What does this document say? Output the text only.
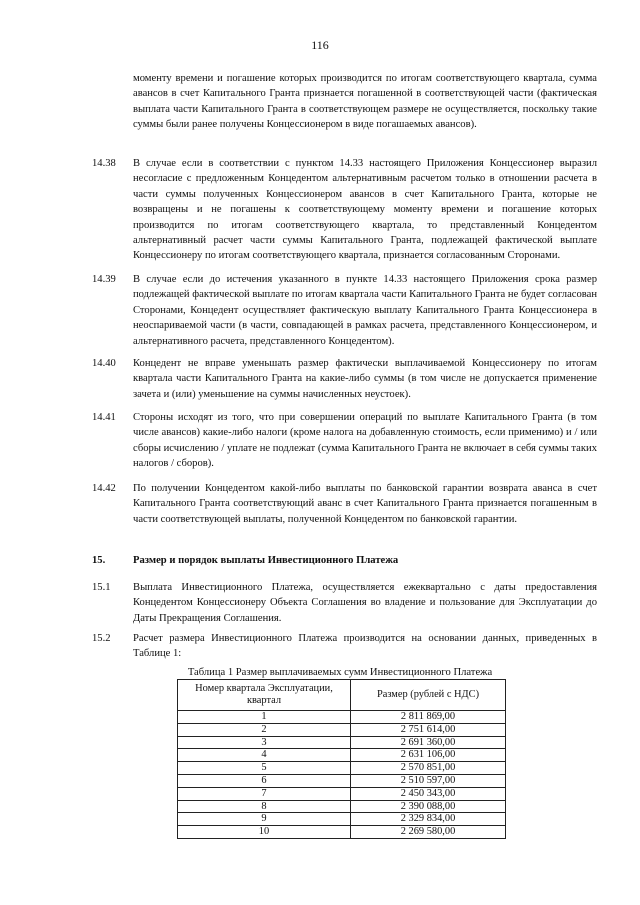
116
моменту времени и погашение которых производится по итогам соответствующего квартала, сумма авансов в счет Капитального Гранта признается погашенной в соответствующей части (фактическая выплата части Капитального Гранта в соответствующем размере не осуществляется, поскольку такие суммы были ранее получены Концессионером в виде погашаемых авансов).
14.38	В случае если в соответствии с пунктом 14.33 настоящего Приложения Концессионер выразил несогласие с предложенным Концедентом альтернативным расчетом только в отношении расчета в части суммы полученных Концессионером авансов в счет Капитального Гранта, которые не возвращены и не погашены к соответствующему моменту времени и погашение которых производится по итогам соответствующего квартала, то представленный Концедентом альтернативный расчет части суммы Капитального Гранта, подлежащей фактической выплате Концессионеру по итогам соответствующего квартала, признается согласованным Сторонами.
14.39	В случае если до истечения указанного в пункте 14.33 настоящего Приложения срока размер подлежащей фактической выплате по итогам квартала части Капитального Гранта не будет согласован Сторонами, Концедент осуществляет фактическую выплату Капитального Гранта Концессионера в неоспариваемой части (в части, совпадающей в рамках расчета, представленного Концессионером, и альтернативного расчета, представленного Концедентом).
14.40	Концедент не вправе уменьшать размер фактически выплачиваемой Концессионеру по итогам квартала части Капитального Гранта на какие-либо суммы (в том числе не допускается применение зачета и (или) уменьшение на суммы начисленных неустоек).
14.41	Стороны исходят из того, что при совершении операций по выплате Капитального Гранта (в том числе авансов) какие-либо налоги (кроме налога на добавленную стоимость, если применимо) и / или сборы исчислению / уплате не подлежат (сумма Капитального Гранта не включает в себя суммы таких налогов / сборов).
14.42	По получении Концедентом какой-либо выплаты по банковской гарантии возврата аванса в счет Капитального Гранта соответствующий аванс в счет Капитального Гранта признается погашенным в части соответствующей выплаты, полученной Концедентом по банковской гарантии.
15.	Размер и порядок выплаты Инвестиционного Платежа
15.1	Выплата Инвестиционного Платежа, осуществляется ежеквартально с даты предоставления Концедентом Концессионеру Объекта Соглашения во владение и пользование для Эксплуатации до Даты Прекращения Соглашения.
15.2	Расчет размера Инвестиционного Платежа производится на основании данных, приведенных в Таблице 1:
Таблица 1 Размер выплачиваемых сумм Инвестиционного Платежа
Номер квартала Эксплуатации, квартал	Размер (рублей с НДС)
1	2 811 869,00
2	2 751 614,00
3	2 691 360,00
4	2 631 106,00
5	2 570 851,00
6	2 510 597,00
7	2 450 343,00
8	2 390 088,00
9	2 329 834,00
10	2 269 580,00
